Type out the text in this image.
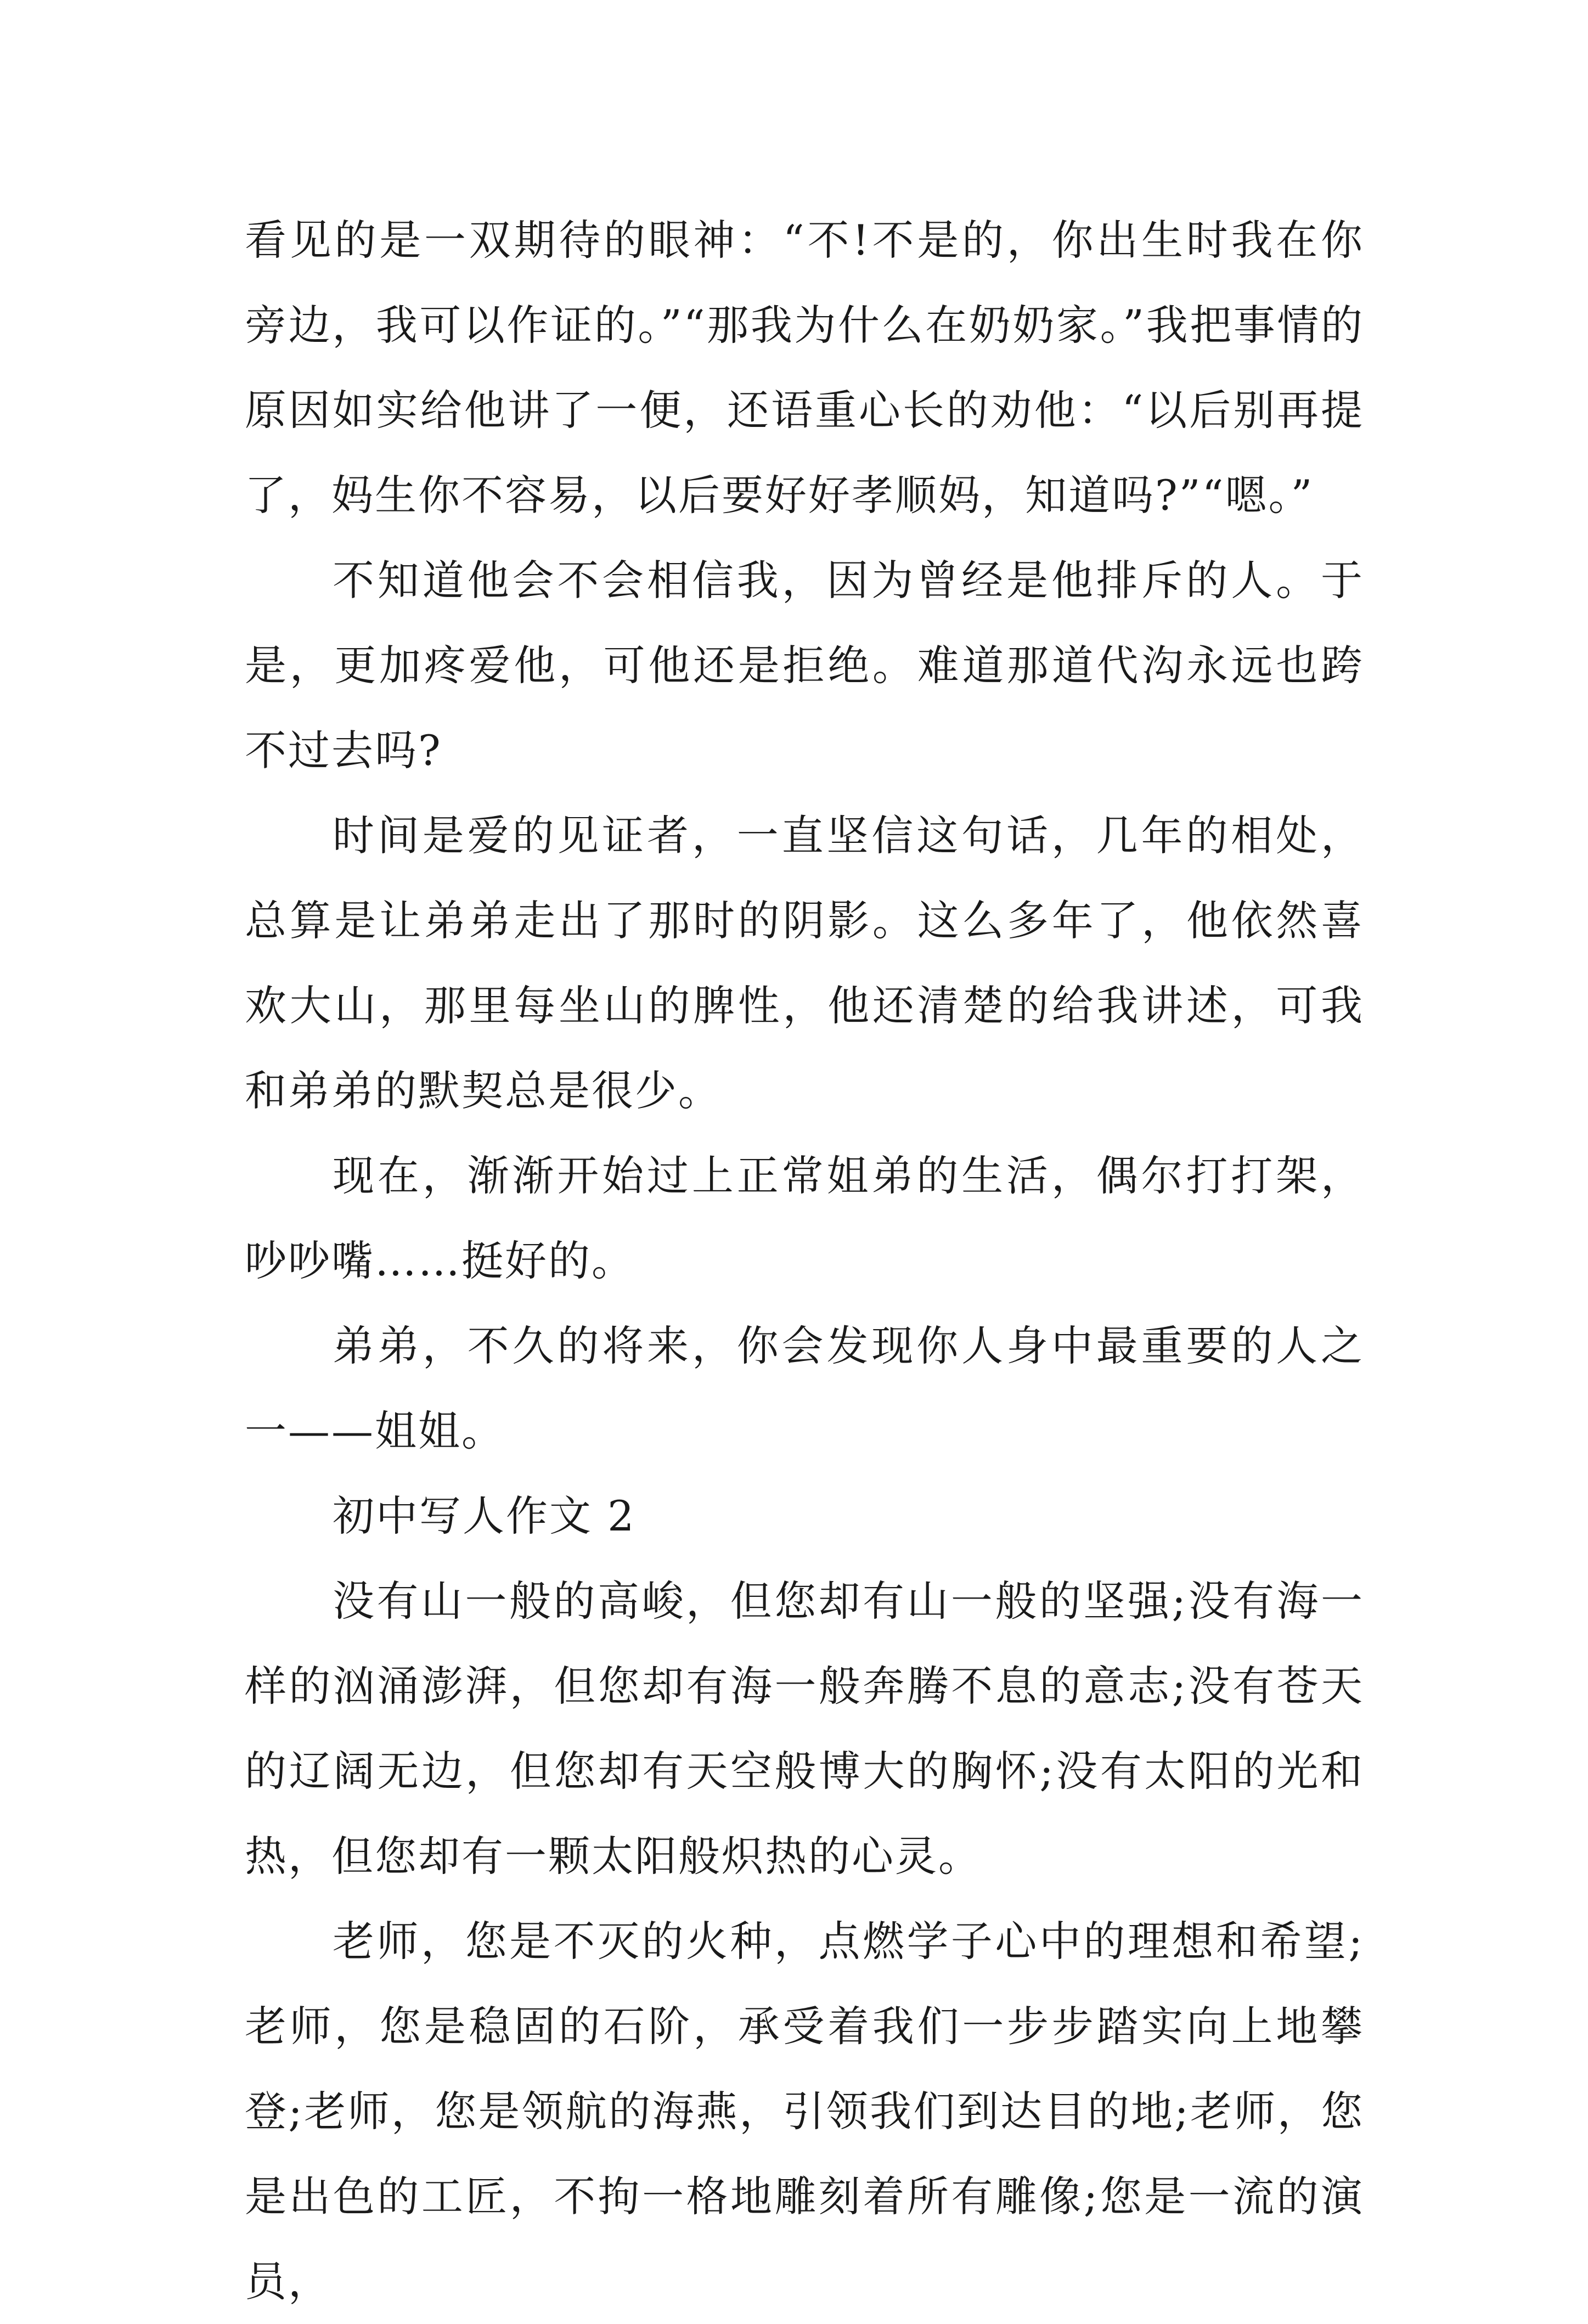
看见的是一双期待的眼神：“不!不是的，你出生时我在你旁边，我可以作证的。”“那我为什么在奶奶家。”我把事情的原因如实给他讲了一便，还语重心长的劝他：“以后别再提了，妈生你不容易，以后要好好孝顺妈，知道吗?”“嗯。”

不知道他会不会相信我，因为曾经是他排斥的人。于是，更加疼爱他，可他还是拒绝。难道那道代沟永远也跨不过去吗?

时间是爱的见证者，一直坚信这句话，几年的相处，总算是让弟弟走出了那时的阴影。这么多年了，他依然喜欢大山，那里每坐山的脾性，他还清楚的给我讲述，可我和弟弟的默契总是很少。

现在，渐渐开始过上正常姐弟的生活，偶尔打打架，吵吵嘴……挺好的。

弟弟，不久的将来，你会发现你人身中最重要的人之一——姐姐。

初中写人作文 2

没有山一般的高峻，但您却有山一般的坚强;没有海一样的汹涌澎湃，但您却有海一般奔腾不息的意志;没有苍天的辽阔无边，但您却有天空般博大的胸怀;没有太阳的光和热，但您却有一颗太阳般炽热的心灵。

老师，您是不灭的火种，点燃学子心中的理想和希望;老师，您是稳固的石阶，承受着我们一步步踏实向上地攀登;老师，您是领航的海燕，引领我们到达目的地;老师，您是出色的工匠，不拘一格地雕刻着所有雕像;您是一流的演员，
